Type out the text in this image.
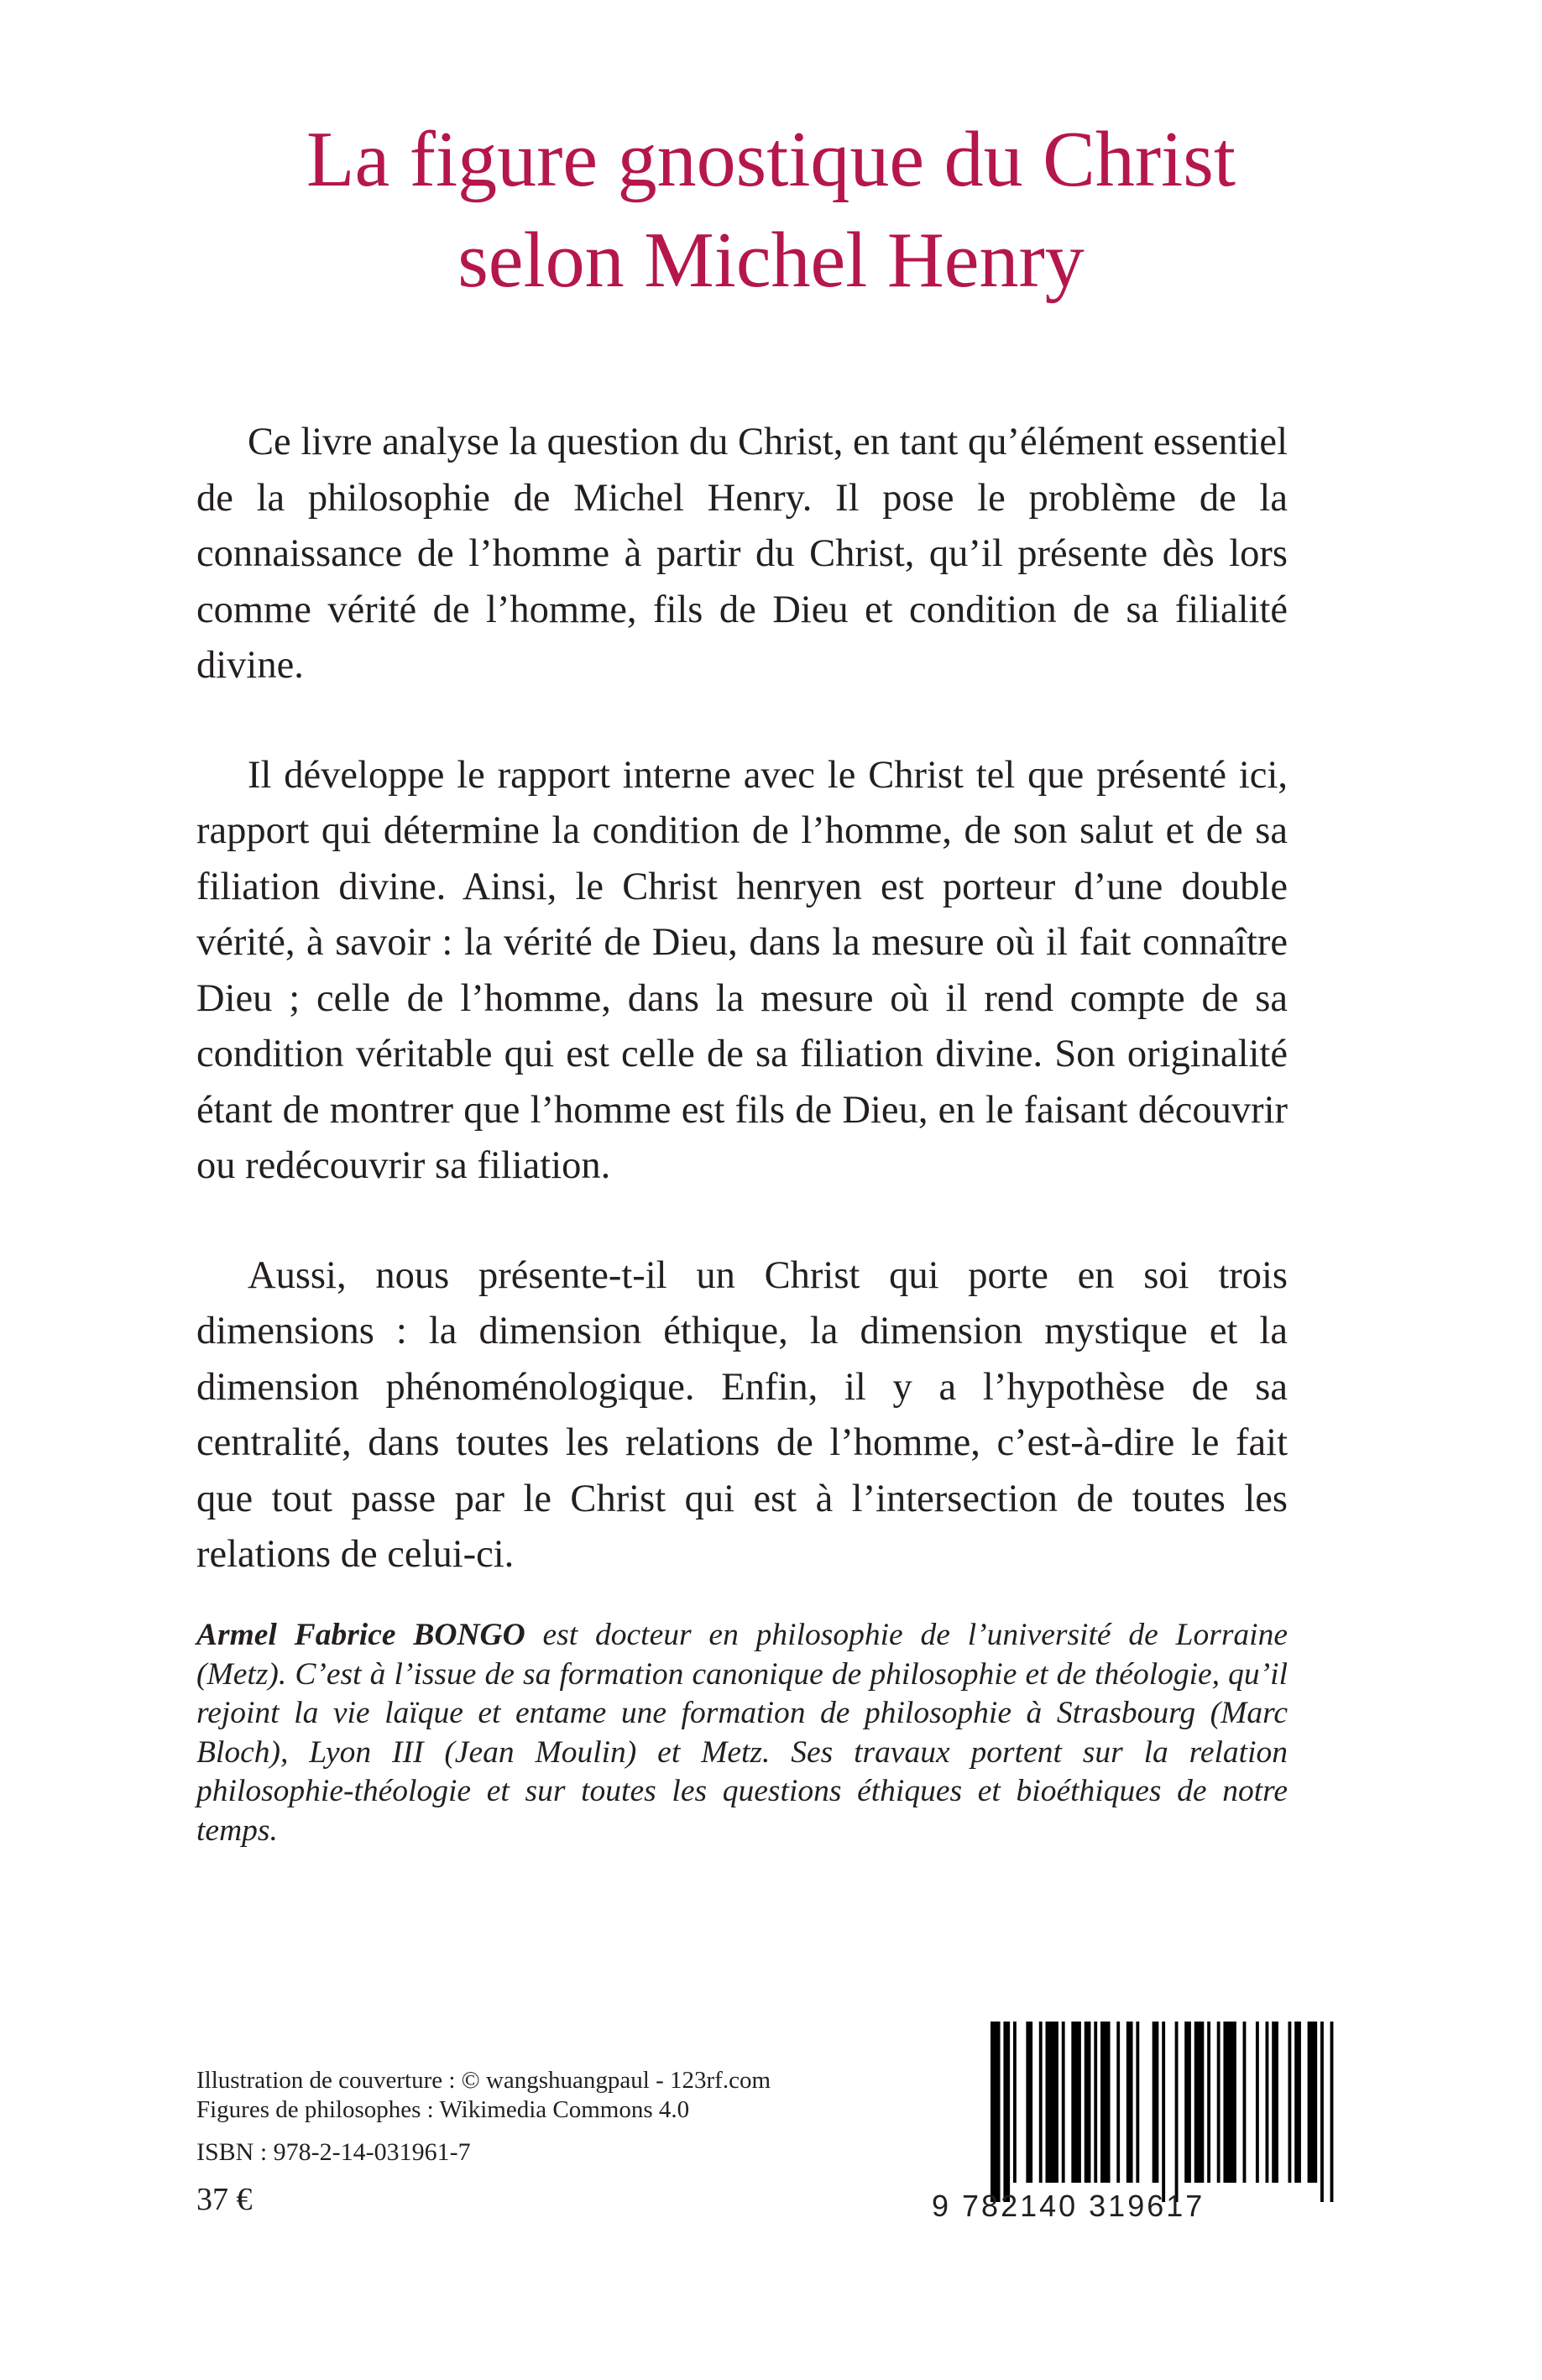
La figure gnostique du Christ
selon Michel Henry

Ce livre analyse la question du Christ, en tant qu’élément essentiel de la philosophie de Michel Henry. Il pose le problème de la connaissance de l’homme à partir du Christ, qu’il présente dès lors comme vérité de l’homme, fils de Dieu et condition de sa filialité divine.

Il développe le rapport interne avec le Christ tel que présenté ici, rapport qui détermine la condition de l’homme, de son salut et de sa filiation divine. Ainsi, le Christ henryen est porteur d’une double vérité, à savoir : la vérité de Dieu, dans la mesure où il fait connaître Dieu ; celle de l’homme, dans la mesure où il rend compte de sa condition véritable qui est celle de sa filiation divine. Son originalité étant de montrer que l’homme est fils de Dieu, en le faisant découvrir ou redécouvrir sa filiation.

Aussi, nous présente-t-il un Christ qui porte en soi trois dimensions : la dimension éthique, la dimension mystique et la dimension phénoménologique. Enfin, il y a l’hypothèse de sa centralité, dans toutes les relations de l’homme, c’est-à-dire le fait que tout passe par le Christ qui est à l’intersection de toutes les relations de celui-ci.

Armel Fabrice BONGO est docteur en philosophie de l’université de Lorraine (Metz). C’est à l’issue de sa formation canonique de philosophie et de théologie, qu’il rejoint la vie laïque et entame une formation de philosophie à Strasbourg (Marc Bloch), Lyon III (Jean Moulin) et Metz. Ses travaux portent sur la relation philosophie-théologie et sur toutes les questions éthiques et bioéthiques de notre temps.

Illustration de couverture : © wangshuangpaul - 123rf.com
Figures de philosophes : Wikimedia Commons 4.0
ISBN : 978-2-14-031961-7
37 €	9 782140 319617
